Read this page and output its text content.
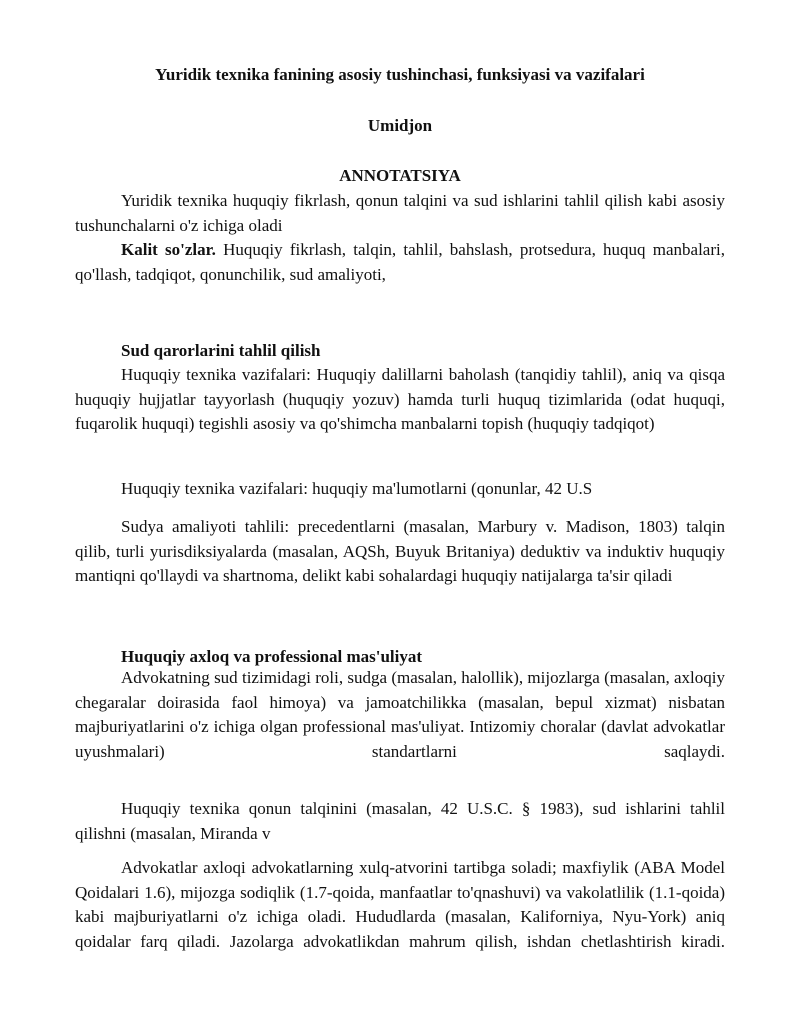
Yuridik texnika fanining asosiy tushinchasi, funksiyasi va vazifalari

Umidjon

ANNOTATSIYA

Yuridik texnika huquqiy fikrlash, qonun talqini va sud ishlarini tahlil qilish kabi asosiy tushunchalarni o'z ichiga oladi

Kalit so'zlar. Huquqiy fikrlash, talqin, tahlil, bahslash, protsedura, huquq manbalari, qo'llash, tadqiqot, qonunchilik, sud amaliyoti,

Sud qarorlarini tahlil qilish

Huquqiy texnika vazifalari: Huquqiy dalillarni baholash (tanqidiy tahlil), aniq va qisqa huquqiy hujjatlar tayyorlash (huquqiy yozuv) hamda turli huquq tizimlarida (odat huquqi, fuqarolik huquqi) tegishli asosiy va qo'shimcha manbalarni topish (huquqiy tadqiqot)

Huquqiy texnika vazifalari: huquqiy ma'lumotlarni (qonunlar, 42 U.S

Sudya amaliyoti tahlili: precedentlarni (masalan, Marbury v. Madison, 1803) talqin qilib, turli yurisdiksiyalarda (masalan, AQSh, Buyuk Britaniya) deduktiv va induktiv huquqiy mantiqni qo'llaydi va shartnoma, delikt kabi sohalardagi huquqiy natijalarga ta'sir qiladi

Huquqiy axloq va professional mas'uliyat

Advokatning sud tizimidagi roli, sudga (masalan, halollik), mijozlarga (masalan, axloqiy chegaralar doirasida faol himoya) va jamoatchilikka (masalan, bepul xizmat) nisbatan majburiyatlarini o'z ichiga olgan professional mas'uliyat. Intizomiy choralar (davlat advokatlar uyushmalari) standartlarni saqlaydi.

Huquqiy texnika qonun talqinini (masalan, 42 U.S.C. § 1983), sud ishlarini tahlil qilishni (masalan, Miranda v

Advokatlar axloqi advokatlarning xulq-atvorini tartibga soladi; maxfiylik (ABA Model Qoidalari 1.6), mijozga sodiqlik (1.7-qoida, manfaatlar to'qnashuvi) va vakolatlilik (1.1-qoida) kabi majburiyatlarni o'z ichiga oladi. Hududlarda (masalan, Kaliforniya, Nyu-York) aniq qoidalar farq qiladi. Jazolarga advokatlikdan mahrum qilish, ishdan chetlashtirish kiradi.
